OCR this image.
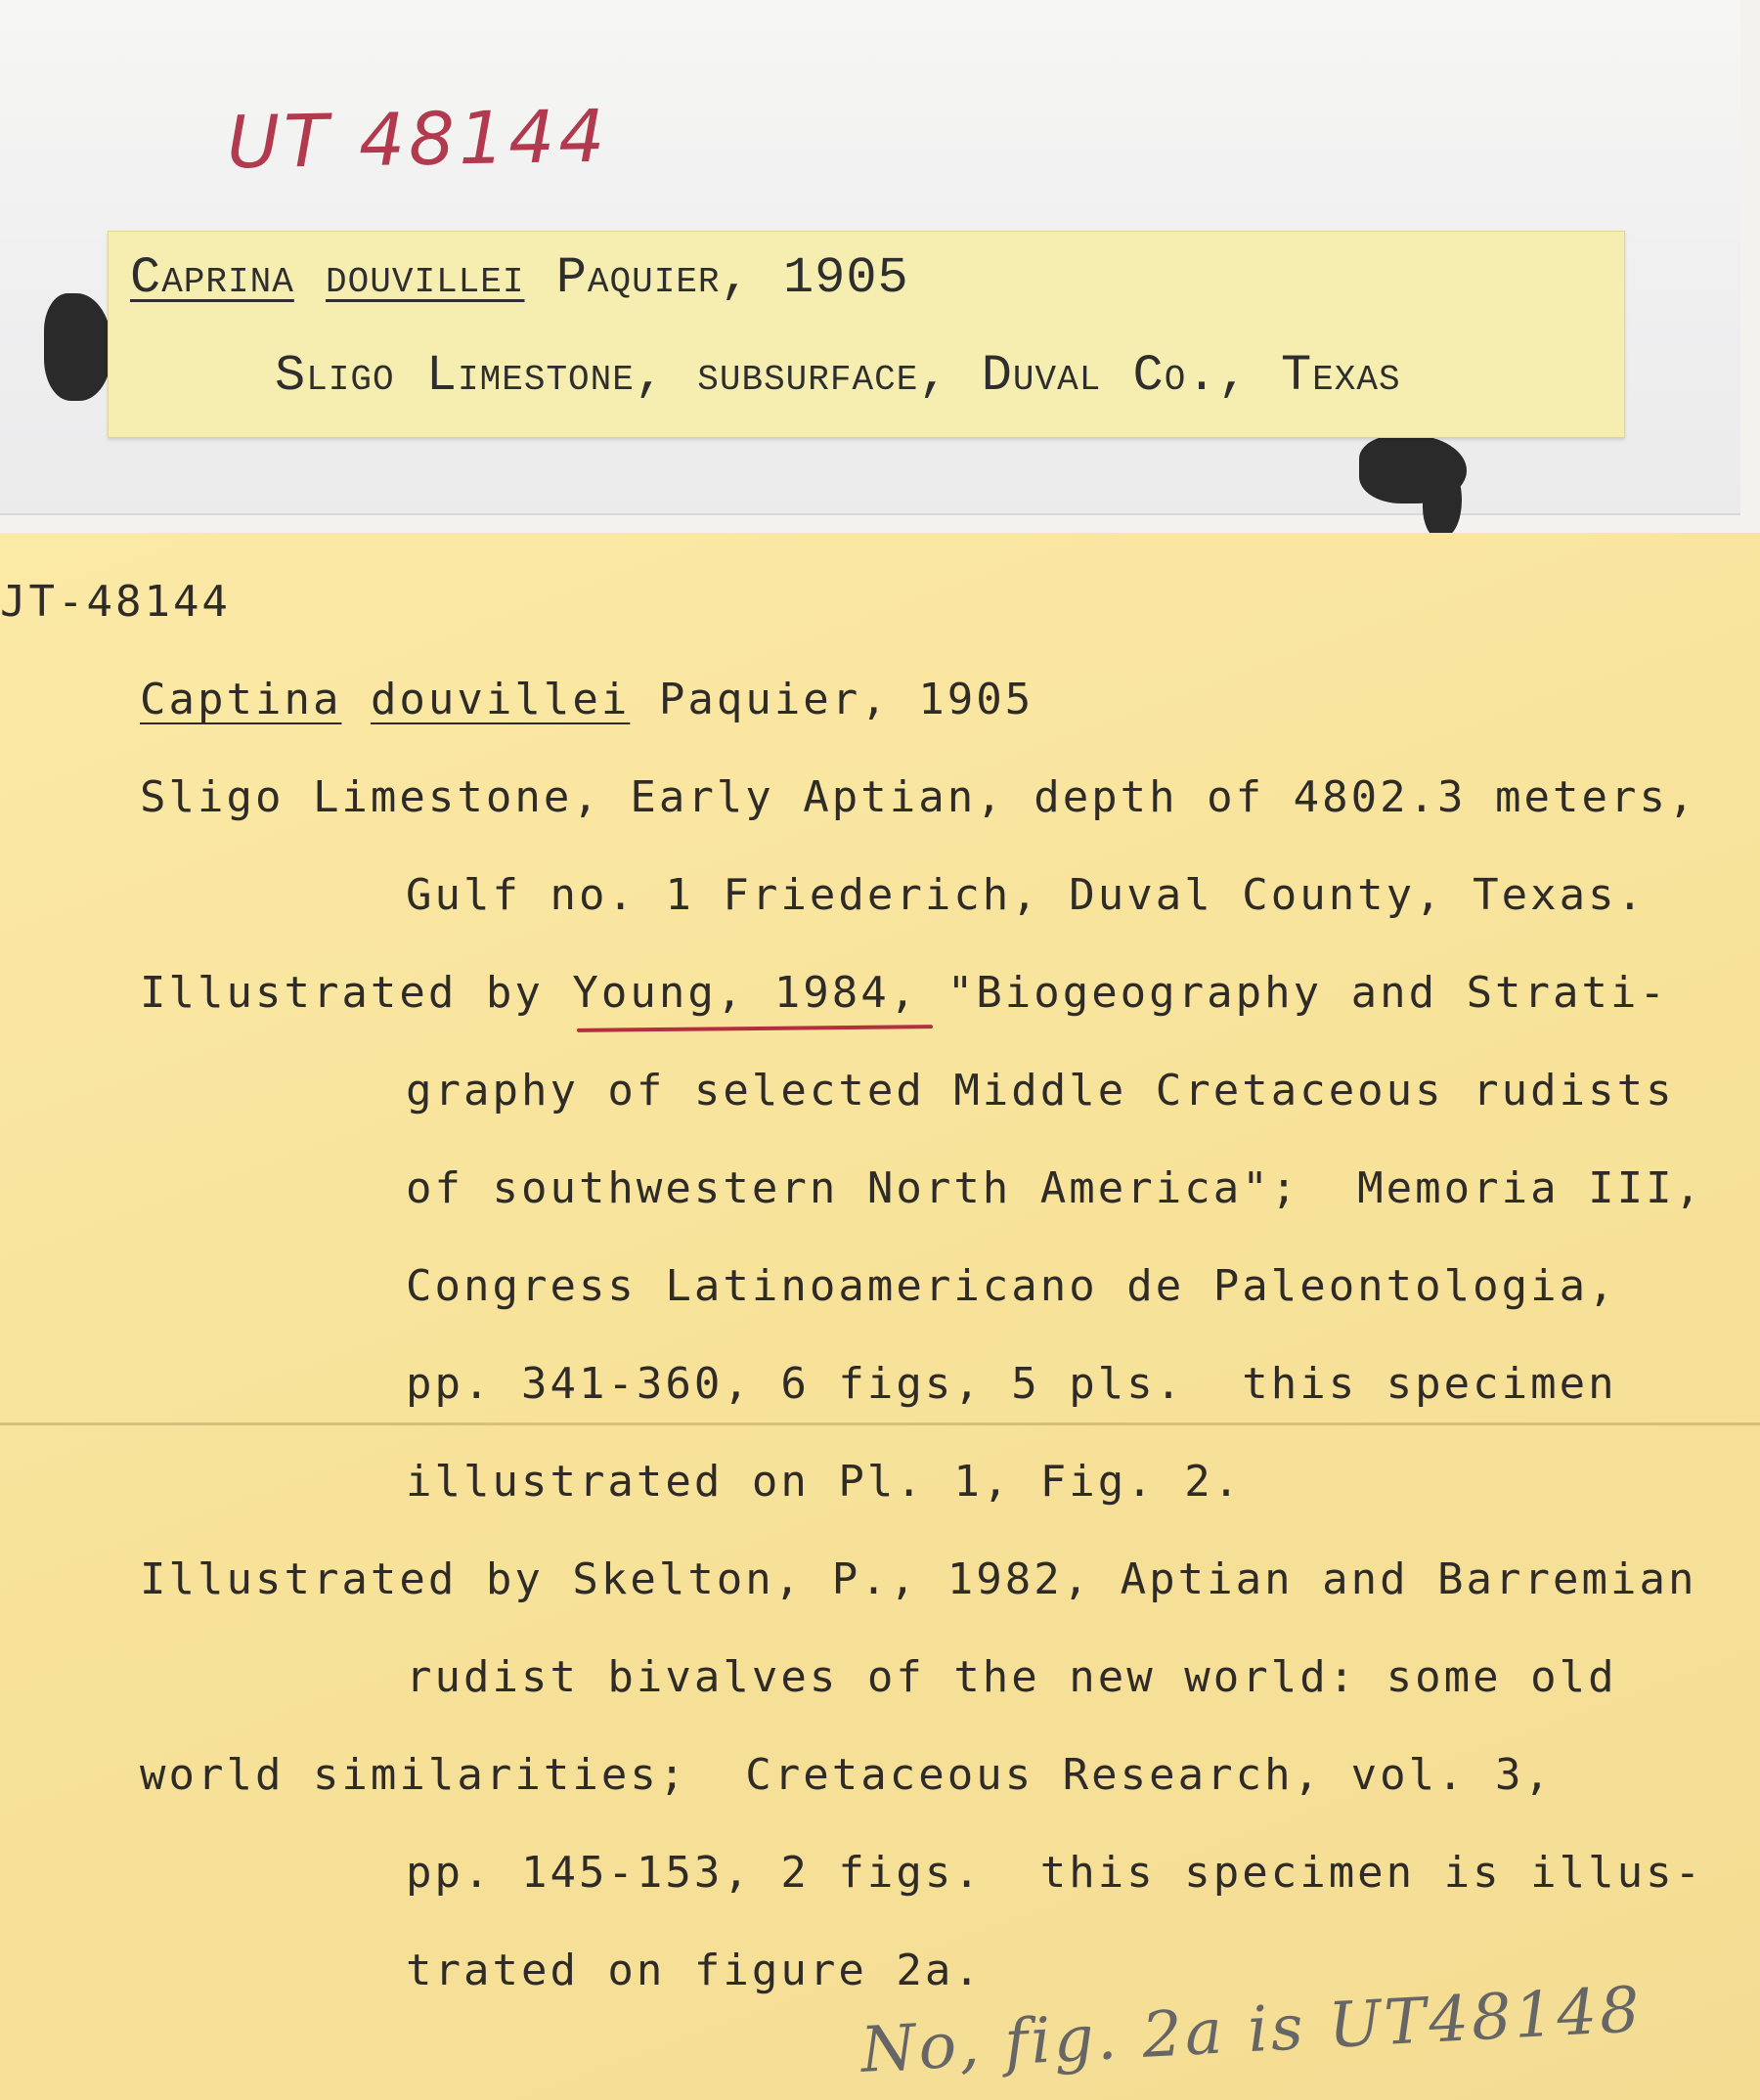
UT 48144
Caprina douvillei Paquier, 1905
Sligo Limestone, subsurface, Duval Co., Texas
JT-48144
Captina douvillei Paquier, 1905
Sligo Limestone, Early Aptian, depth of 4802.3 meters,
Gulf no. 1 Friederich, Duval County, Texas.
Illustrated by Young, 1984, "Biogeography and Strati-
graphy of selected Middle Cretaceous rudists
of southwestern North America";  Memoria III,
Congress Latinoamericano de Paleontologia,
pp. 341-360, 6 figs, 5 pls.  this specimen
illustrated on Pl. 1, Fig. 2.
Illustrated by Skelton, P., 1982, Aptian and Barremian
rudist bivalves of the new world: some old
world similarities;  Cretaceous Research, vol. 3,
pp. 145-153, 2 figs.  this specimen is illus-
trated on figure 2a.
No, fig. 2a is UT48148
